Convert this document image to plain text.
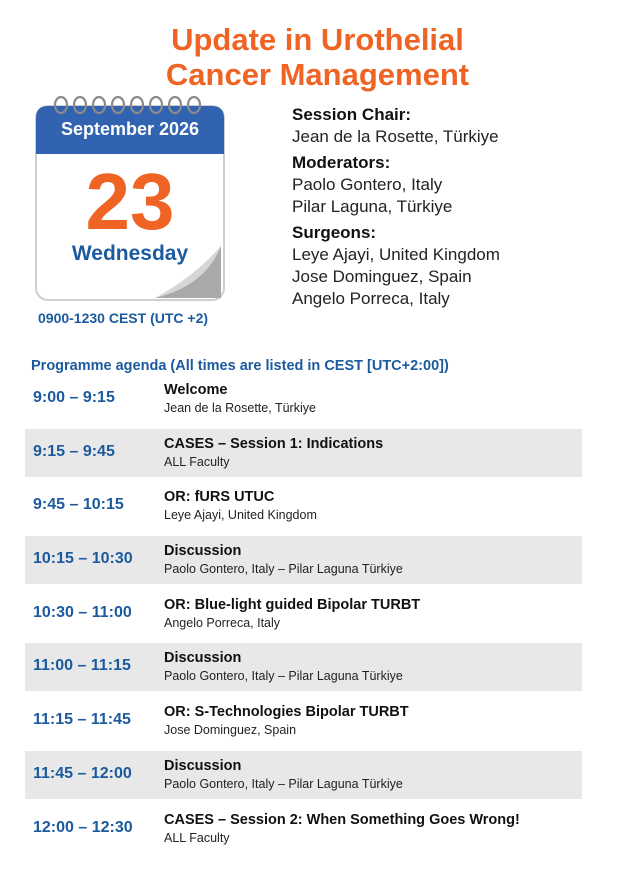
Update in Urothelial
Cancer Management
September 2026
23
Wednesday
0900-1230 CEST (UTC +2)
Session Chair:
Jean de la Rosette, Türkiye
Moderators:
Paolo Gontero, Italy
Pilar Laguna, Türkiye
Surgeons:
Leye Ajayi, United Kingdom
Jose Dominguez, Spain
Angelo Porreca, Italy
Programme agenda (All times are listed in CEST [UTC+2:00])
9:00 – 9:15	Welcome
Jean de la Rosette, Türkiye
9:15 – 9:45	CASES – Session 1: Indications
ALL Faculty
9:45 – 10:15	OR: fURS UTUC
Leye Ajayi, United Kingdom
10:15 – 10:30 Discussion
Paolo Gontero, Italy – Pilar Laguna Türkiye
10:30 – 11:00 OR: Blue-light guided Bipolar TURBT
Angelo Porreca, Italy
11:00 – 11:15 Discussion
Paolo Gontero, Italy – Pilar Laguna Türkiye
11:15 – 11:45 OR: S-Technologies Bipolar TURBT
Jose Dominguez, Spain
11:45 – 12:00 Discussion
Paolo Gontero, Italy – Pilar Laguna Türkiye
12:00 – 12:30 CASES – Session 2: When Something Goes Wrong!
ALL Faculty
